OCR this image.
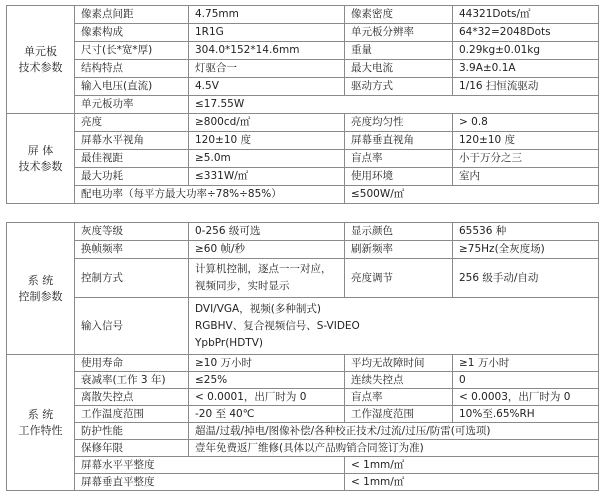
单元板
技术参数	像素点间距	4.75mm	像素密度	44321Dots/㎡
	像素构成	1R1G	单元板分辨率	64*32=2048Dots
	尺寸(长*宽*厚)	304.0*152*14.6mm	重量	0.29kg±0.01kg
	结构特点	灯驱合一	最大电流	3.9A±0.1A
	输入电压(直流)	4.5V	驱动方式	1/16 扫恒流驱动
	单元板功率	≤17.55W		

屏 体
技术参数	亮度	≥800cd/㎡	亮度均匀性	> 0.8
	屏幕水平视角	120±10 度	屏幕垂直视角	120±10 度
	最佳视距	≥5.0m	盲点率	小于万分之三
	最大功耗	≤331W/㎡	使用环境	室内
	配电功率（每平方最大功率÷78%÷85%）		≤500W/㎡	
系 统
控制参数	灰度等级	0-256 级可选	显示颜色	65536 种
	换帧频率	≥60 帧/秒	刷新频率	≥75Hz(全灰度场)
	控制方式	计算机控制，逐点一一对应，
视频同步，实时显示	亮度调节	256 级手动/自动
	输入信号	DVI/VGA，视频(多种制式)
RGBHV、复合视频信号、S-VIDEO
YpbPr(HDTV)		

系 统
工作特性	使用寿命	≥10 万小时	平均无故障时间	≥1 万小时
	衰减率(工作 3 年)	≤25%	连续失控点	0
	离散失控点	< 0.0001，出厂时为 0	盲点率	< 0.0003，出厂时为 0
	工作温度范围	-20 至 40℃	工作湿度范围	10%至.65%RH
	防护性能	超温/过载/掉电/图像补偿/各种校正技术/过流/过压/防雷(可选项)		
	保修年限	壹年免费返厂维修(具体以产品购销合同签订为准)		
	屏幕水平平整度		< 1mm/㎡	
	屏幕垂直平整度		< 1mm/㎡	
